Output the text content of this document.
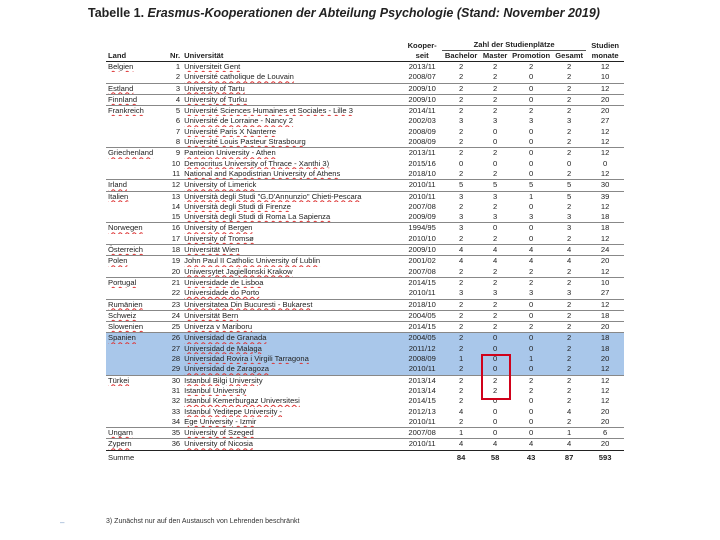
Tabelle 1. Erasmus-Kooperationen der Abteilung Psychologie (Stand: November 2019)
			Kooper-	Zahl der Studienplätze				Studien
Land	Nr.	Universität	seit	Bachelor	Master	Promotion	Gesamt	monate
Belgien	1	Universiteit Gent	2013/11	2	2	2	2	12
	2	Université catholique de Louvain	2008/07	2	2	0	2	10
Estland	3	University of Tartu	2009/10	2	2	0	2	12
Finnland	4	University of Turku	2009/10	2	2	0	2	20
Frankreich	5	Université Sciences Humaines et Sociales - Lille 3	2014/11	2	2	2	2	20
	6	Université de Lorraine - Nancy 2	2002/03	3	3	3	3	27
	7	Université Paris X Nanterre	2008/09	2	0	0	2	12
	8	Université Louis Pasteur Strasbourg	2008/09	2	0	0	2	12
Griechenland	9	Panteion University - Athen	2013/11	2	2	0	2	12
	10	Democritus University of Thrace - Xanthi 3)	2015/16	0	0	0	0	0
	11	National and Kapodistrian University of Athens	2018/10	2	2	0	2	12
Irland	12	University of Limerick	2010/11	5	5	5	5	30
Italien	13	Università degli Studi "G.D'Annunzio" Chieti-Pescara	2010/11	3	3	1	5	39
	14	Università degli Studi di Firenze	2007/08	2	2	0	2	12
	15	Università degli Studi di Roma La Sapienza	2009/09	3	3	3	3	18
Norwegen	16	University of Bergen	1994/95	3	0	0	3	18
	17	University of Tromsø	2010/10	2	2	0	2	12
Österreich	18	Universität Wien	2009/10	4	4	4	4	24
Polen	19	John Paul II Catholic University of Lublin	2001/02	4	4	4	4	20
	20	Uniwersytet Jagiellonski Krakow	2007/08	2	2	2	2	12
Portugal	21	Universidade de Lisboa	2014/15	2	2	2	2	10
	22	Universidade do Porto	2010/11	3	3	3	3	27
Rumänien	23	Universitatea Din Bucuresti - Bukarest	2018/10	2	2	0	2	12
Schweiz	24	Universität Bern	2004/05	2	2	0	2	18
Slowenien	25	Univerza v Mariboru	2014/15	2	2	2	2	20
Spanien	26	Universidad de Granada	2004/05	2	0	0	2	18
	27	Universidad de Malaga	2011/12	2	0	0	2	18
	28	Universidad Rovira i Virgili Tarragona	2008/09	1	0	1	2	20
	29	Universidad de Zaragoza	2010/11	2	0	0	2	12
Türkei	30	Istanbul Bilgi University	2013/14	2	2	2	2	12
	31	Istanbul University	2013/14	2	2	2	2	12
	32	Istanbul Kemerburgaz Universitesi	2014/15	2	0	0	2	12
	33	Istanbul Yeditepe University -	2012/13	4	0	0	4	20
	34	Ege University - Izmir	2010/11	2	0	0	2	20
Ungarn	35	University of Szeged	2007/08	1	0	0	1	6
Zypern	36	University of Nicosia	2010/11	4	4	4	4	20
Summe				84	58	43	87	593
–	3) Zunächst nur auf den Austausch von Lehrenden beschränkt
